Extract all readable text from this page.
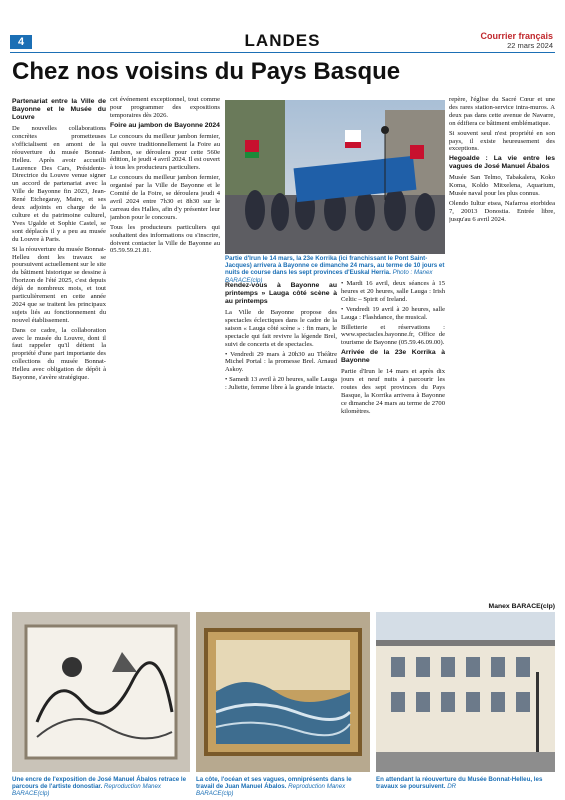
4	LANDES	Courrier français
22 mars 2024
Chez nos voisins du Pays Basque
Partenariat entre la Ville de Bayonne et le Musée du Louvre

De nouvelles collaborations concrètes prometteuses s'officialisent en amont de la réouverture du musée Bonnat-Helleu. Après avoir accueilli Laurence Des Cars, Présidente-Directrice du Louvre venue signer un accord de partenariat avec la Ville de Bayonne fin 2023, Jean-René Etchegaray, Maire, et ses deux adjoints en charge de la culture et du patrimoine culturel, Yves Ugalde et Sophie Castel, se sont déplacés il y a peu au musée du Louvre à Paris.

Si la réouverture du musée Bonnat-Helleu dont les travaux se poursuivent actuellement sur le site du bâtiment historique se dessine à l'horizon de l'été 2025, c'est depuis déjà de nombreux mois, et tout particulièrement en cette année 2024 que se traitent les principaux sujets liés au fonctionnement du nouvel établissement.

Dans ce cadre, la collaboration avec le musée du Louvre, dont il faut rappeler qu'il détient la propriété d'une part importante des collections du musée Bonnat-Helleu avec obligation de dépôt à Bayonne, s'avère stratégique.

cet événement exceptionnel, tout comme pour programmer des expositions temporaires dès 2026.

Foire au jambon de Bayonne 2024

Le concours du meilleur jambon fermier, qui ouvre traditionnellement la Foire au Jambon, se déroulera pour cette 560e édition, le jeudi 4 avril 2024. Il est ouvert à tous les producteurs particuliers.

Le concours du meilleur jambon fermier, organisé par la Ville de Bayonne et le Comité de la Foire, se déroulera jeudi 4 avril 2024 entre 7h30 et 8h30 sur le carreau des Halles, afin d'y présenter leur jambon pour le concours.

Tous les producteurs particuliers qui souhaitent des informations ou s'inscrire, doivent contacter la Ville de Bayonne au 05.59.59.21.81.

Partie d'Irun le 14 mars, la 23e Korrika (ici franchissant le Pont Saint-Jacques) arrivera à Bayonne ce dimanche 24 mars, au terme de 10 jours et nuits de course dans les sept provinces d'Euskal Herria. Photo : Manex BARACE(clp)
Rendez-vous à Bayonne au printemps » Lauga côté scène à au printemps

La Ville de Bayonne propose des spectacles éclectiques dans le cadre de la saison « Lauga côté scène » : fin mars, le spectacle qui fait revivre la légende Brel, suivi de concerts et de spectacles.

• Vendredi 29 mars à 20h30 au Théâtre Michel Portal : la promesse Brel. Arnaud Askoy.

• Samedi 13 avril à 20 heures, salle Lauga : Juliette, femme libre à la grande intacte.

• Mardi 16 avril, deux séances à 15 heures et 20 heures, salle Lauga : Irish Celtic – Spirit of Ireland.

• Vendredi 19 avril à 20 heures, salle Lauga : Flashdance, the musical.

Billetterie et réservations : www.spectacles.bayonne.fr, Office de tourisme de Bayonne (05.59.46.09.00).

Arrivée de la 23e Korrika à Bayonne

Partie d'Irun le 14 mars et après dix jours et neuf nuits à parcourir les routes des sept provinces du Pays Basque, la Korrika arrivera à Bayonne ce dimanche 24 mars au terme de 2700 kilomètres.

repère, l'église du Sacré Cœur et une des rares station-service intra-muros. A deux pas dans cette avenue de Navarre, on édifiera ce bâtiment emblématique.

Si souvent seul n'est propriété en son pays, il existe heureusement des exceptions.

Hegoalde : La vie entre les vagues de José Manuel Ábalos

Musée San Telmo, Tabakalera, Koko Koma, Koldo Mitxelena, Aquarium, Musée naval pour les plus connus.

Olendo Iultur etsea, Nafarroa etorbidea 7, 20013 Donostia. Entrée libre, jusqu'au 6 avril 2024.

Manex BARACE(clp)
Une encre de l'exposition de José Manuel Ábalos retrace le parcours de l'artiste donostiar. Reproduction Manex BARACE(clp)
La côte, l'océan et ses vagues, omniprésents dans le travail de Juan Manuel Ábalos. Reproduction Manex BARACE(clp)
En attendant la réouverture du Musée Bonnat-Helleu, les travaux se poursuivent. DR
